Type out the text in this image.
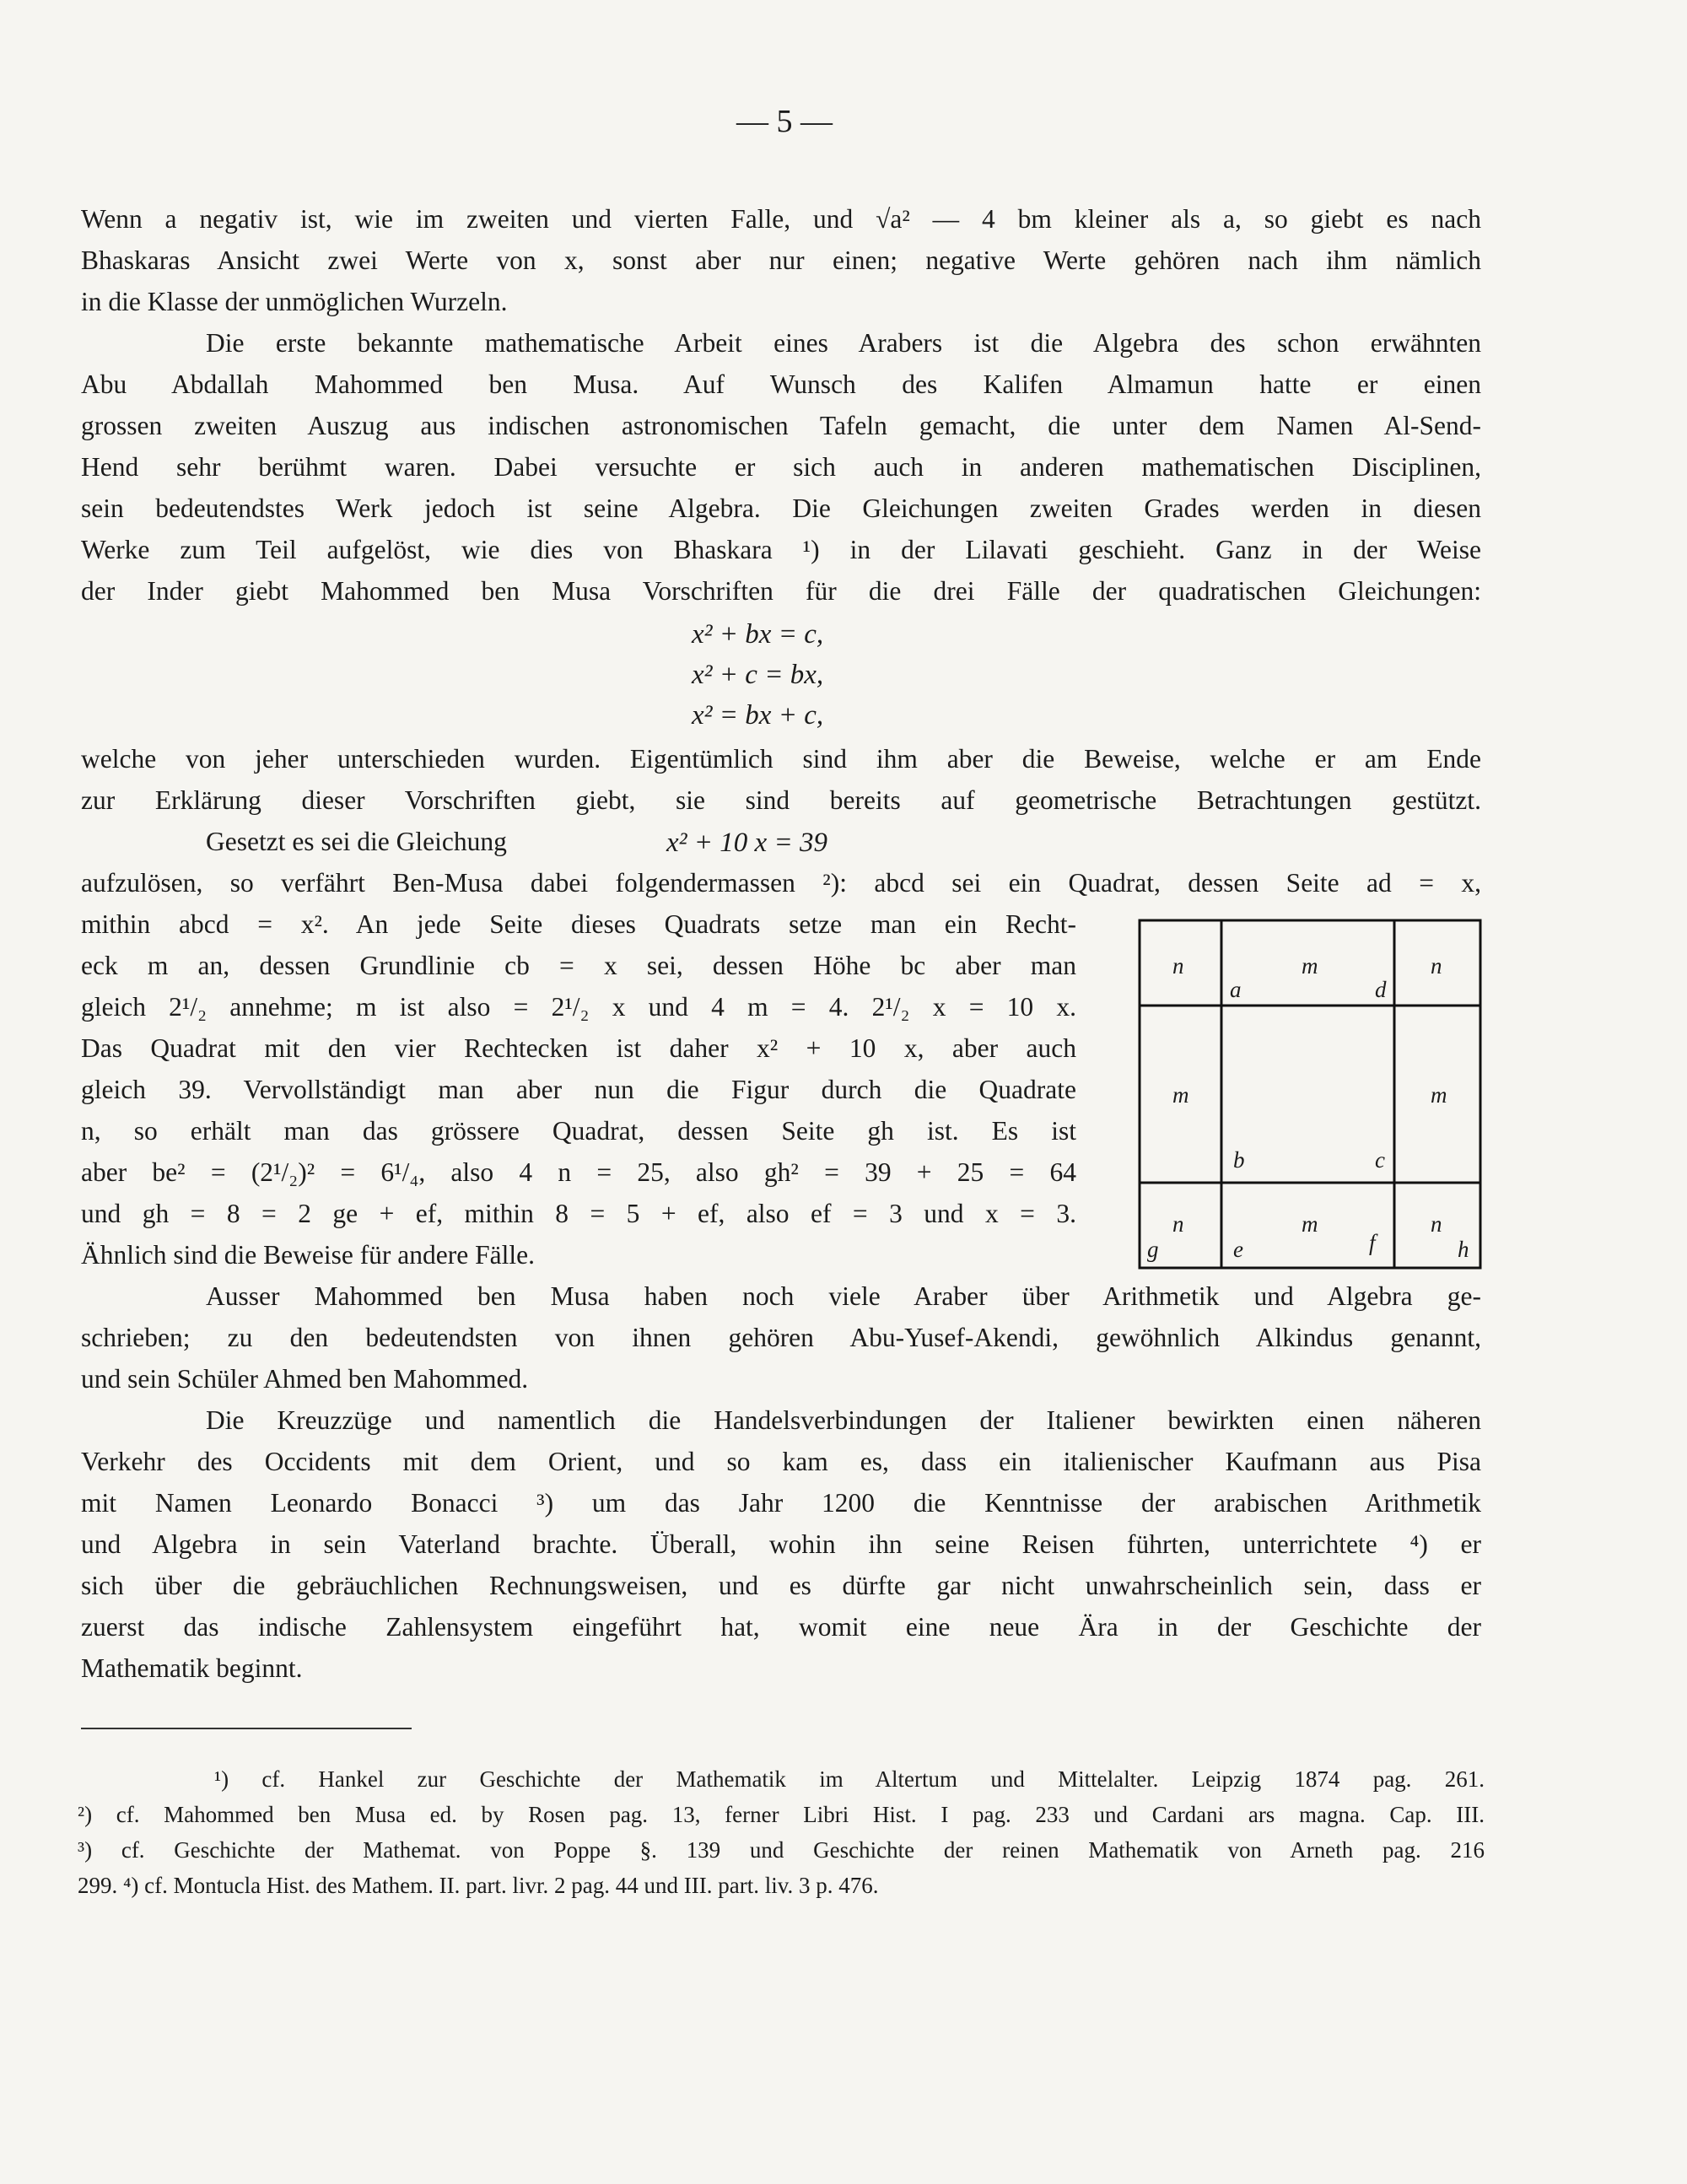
— 5 —
Wenn a negativ ist, wie im zweiten und vierten Falle, und √a² — 4 bm kleiner als a, so giebt es nach
Bhaskaras Ansicht zwei Werte von x, sonst aber nur einen; negative Werte gehören nach ihm nämlich
in die Klasse der unmöglichen Wurzeln.
Die erste bekannte mathematische Arbeit eines Arabers ist die Algebra des schon erwähnten
Abu Abdallah Mahommed ben Musa. Auf Wunsch des Kalifen Almamun hatte er einen
grossen zweiten Auszug aus indischen astronomischen Tafeln gemacht, die unter dem Namen Al-Send-
Hend sehr berühmt waren. Dabei versuchte er sich auch in anderen mathematischen Disciplinen,
sein bedeutendstes Werk jedoch ist seine Algebra. Die Gleichungen zweiten Grades werden in diesen
Werke zum Teil aufgelöst, wie dies von Bhaskara ¹) in der Lilavati geschieht. Ganz in der Weise
der Inder giebt Mahommed ben Musa Vorschriften für die drei Fälle der quadratischen Gleichungen:
x² + bx = c,
x² + c = bx,
x² = bx + c,
welche von jeher unterschieden wurden. Eigentümlich sind ihm aber die Beweise, welche er am Ende
zur Erklärung dieser Vorschriften giebt, sie sind bereits auf geometrische Betrachtungen gestützt.
Gesetzt es sei die Gleichung	x² + 10 x = 39
aufzulösen, so verfährt Ben-Musa dabei folgendermassen ²): abcd sei ein Quadrat, dessen Seite ad = x,
mithin abcd = x². An jede Seite dieses Quadrats setze man ein Recht-
eck m an, dessen Grundlinie cb = x sei, dessen Höhe bc aber man
gleich 2¹/₂ annehme; m ist also = 2¹/₂ x und 4 m = 4. 2¹/₂ x = 10 x.
Das Quadrat mit den vier Rechtecken ist daher x² + 10 x, aber auch
gleich 39. Vervollständigt man aber nun die Figur durch die Quadrate
n, so erhält man das grössere Quadrat, dessen Seite gh ist. Es ist
aber be² = (2¹/₂)² = 6¹/₄, also 4 n = 25, also gh² = 39 + 25 = 64
und gh = 8 = 2 ge + ef, mithin 8 = 5 + ef, also ef = 3 und x = 3.
Ähnlich sind die Beweise für andere Fälle.
n	m	n
a	d
m	m
b	c
n	m	n
g	e	f	h
Ausser Mahommed ben Musa haben noch viele Araber über Arithmetik und Algebra ge-
schrieben; zu den bedeutendsten von ihnen gehören Abu-Yusef-Akendi, gewöhnlich Alkindus genannt,
und sein Schüler Ahmed ben Mahommed.
Die Kreuzzüge und namentlich die Handelsverbindungen der Italiener bewirkten einen näheren
Verkehr des Occidents mit dem Orient, und so kam es, dass ein italienischer Kaufmann aus Pisa
mit Namen Leonardo Bonacci ³) um das Jahr 1200 die Kenntnisse der arabischen Arithmetik
und Algebra in sein Vaterland brachte. Überall, wohin ihn seine Reisen führten, unterrichtete ⁴) er
sich über die gebräuchlichen Rechnungsweisen, und es dürfte gar nicht unwahrscheinlich sein, dass er
zuerst das indische Zahlensystem eingeführt hat, womit eine neue Ära in der Geschichte der
Mathematik beginnt.
¹) cf. Hankel zur Geschichte der Mathematik im Altertum und Mittelalter. Leipzig 1874 pag. 261.
²) cf. Mahommed ben Musa ed. by Rosen pag. 13, ferner Libri Hist. I pag. 233 und Cardani ars magna. Cap. III.
³) cf. Geschichte der Mathemat. von Poppe §. 139 und Geschichte der reinen Mathematik von Arneth pag. 216
299. ⁴) cf. Montucla Hist. des Mathem. II. part. livr. 2 pag. 44 und III. part. liv. 3 p. 476.
